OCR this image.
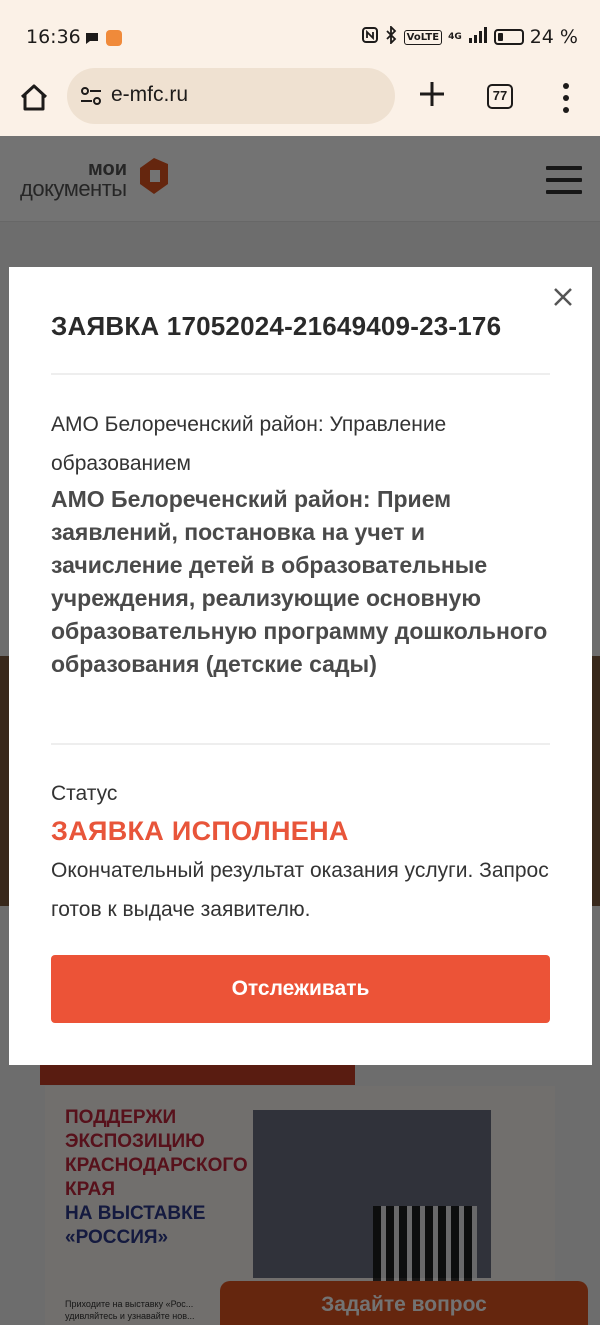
16:36	VoLTE	4G	24 %
e-mfc.ru	77
ЗАЯВКА 17052024-21649409-23-176
АМО Белореченский район: Управление образованием
АМО Белореченский район: Прием заявлений, постановка на учет и зачисление детей в образовательные учреждения, реализующие основную образовательную программу дошкольного образования (детские сады)
Статус
ЗАЯВКА ИСПОЛНЕНА
Окончательный результат оказания услуги. Запрос готов к выдаче заявителю.
Отслеживать
